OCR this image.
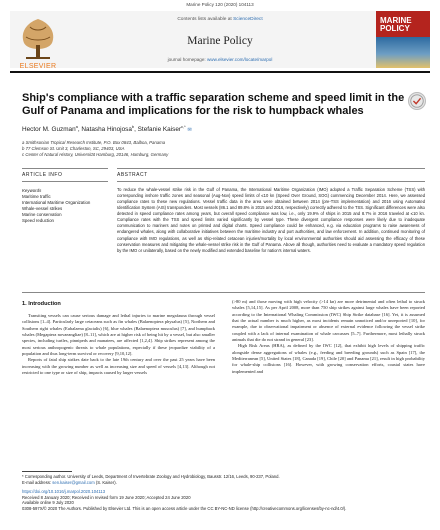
Marine Policy 120 (2020) 104113
ELSEVIER
Contents lists available at ScienceDirect
Marine Policy
journal homepage: www.elsevier.com/locate/marpol
MARINE POLICY
Ship's compliance with a traffic separation scheme and speed limit in the Gulf of Panama and implications for the risk to humpback whales
Hector M. Guzman$^a$, Natasha Hinojosa$^b$, Stefanie Kaiser$^{c,*}$ ✉
a Smithsonian Tropical Research Institute, P.O. Box 0843, Balboa, Panama
b 77 Clemson St. Unit 3, Charleston, SC, 29403, USA
c Center of Natural History, Universität Hamburg, 20146, Hamburg, Germany
ARTICLE INFO	ABSTRACT
Keywords
Maritime traffic
International Maritime Organization
Whale-vessel strikes
Marine conservation
Speed reduction
To reduce the whale-vessel strike risk in the Gulf of Panama, the International Maritime Organization (IMO) adopted a Traffic Separation Scheme (TSS) with corresponding inshore traffic zones and seasonal (Aug-Nov) speed limits of ≤10 kn (Speed Over Ground, SOG) commencing December 2014. Here, we assessed compliance rates to these new regulations. Vessel traffic data in the area were obtained between 2014 (pre-TSS implementation) and 2016 using Automated Identification System (AIS) transponders. Most vessels (86.1 and 89.8% in 2015 and 2016, respectively) correctly adhered to the TSS. Significant differences were also detected in speed compliance rates among years, but overall speed compliance was low, i.e., only 19.9% of ships in 2015 and 8.7% in 2016 traveled at ≤10 kn. Compliance rates with the TSS and speed limits varied significantly by vessel type. These divergent compliance responses were likely due to inadequate communication to mariners and notes on printed and digital charts. Speed compliance could be enhanced, e.g. via education programs to raise awareness of endangered whales, along with collaborative initiatives between the maritime industry and port authorities, and law enforcement. In addition, continued monitoring of compliance with IMO regulations, as well as ship-related cetacean injuries/mortality by local environmental authorities should aid assessing the efficacy of these conservation measures and mitigating the whale-vessel strike risk in the Gulf of Panama. Above all though, authorities need to evaluate a mandatory speed regulation by the IMO or unilaterally, based on the newly modified and extended baseline for nation's internal waters.
1. Introduction

Transiting vessels can cause serious damage and lethal injuries to marine megafauna through vessel collisions [1–4]. Particularly large cetaceans such as fin whales (Balaenoptera physalus) [5], Northern and Southern right whales (Eubalaena glacialis) [6], blue whales (Balaenoptera musculus) [7], and humpback whales (Megaptera novaeangliae) [8–11], which are at higher risk of being hit by a vessel, but also smaller species, including turtles, pinnipeds and manatees, are affected [1,2,4]. Ship strikes represent among the most serious anthropogenic threats to whale populations, especially if these jeopardize viability of a population and thus long-term survival or recovery [9,10,12].

Reports of fatal ship strikes date back to the late 19th century and over the past 25 years have been increasing with the growing number as well as increasing size and speed of vessels [4,13]. Although not restricted to one type or size of ship, impacts caused by larger vessels

(>80 m) and those moving with high velocity (>14 kn) are more detrimental and often lethal to struck whales [5,14,15]. As per April 2008, more than 750 ship strikes against large whales have been reported according to the International Whaling Commission (IWC) Ship Strike database [16]. Yet, it is assumed that the actual number is much higher, as most incidents remain unnoticed and/or unreported [10], for example, due to observational impairment or absence of external evidence following the vessel strike coupled with a lack of internal examination of whale carcasses [5–7]. Furthermore, most lethally struck animals that die do not strand in general [23].

High Risk Areas (HRA), as defined by the IWC [12], that exhibit high levels of shipping traffic alongside dense aggregations of whales (e.g., feeding and breeding grounds) such as Spain [17], the Mediterranean [5], United States [18], Canada [19], Chile [20] and Panama [21], result in high probability for whale-ship collisions [16]. However, with growing conservation efforts, coastal states have implemented and

* Corresponding author. University of Leeds, Department of Invertebrate Zoology and Hydrobiology, Bausstr. 12/16, Leeds, 90-237, Poland.
E-mail address: sen.kaiser@gmail.com (S. Kaiser).
https://doi.org/10.1016/j.marpol.2020.104113
Received 8 January 2020; Received in revised form 19 June 2020; Accepted 24 June 2020
Available online 9 July 2020
0308-597X/© 2020 The Authors. Published by Elsevier Ltd. This is an open access article under the CC BY-NC-ND license (http://creativecommons.org/licenses/by-nc-nd/4.0/).
